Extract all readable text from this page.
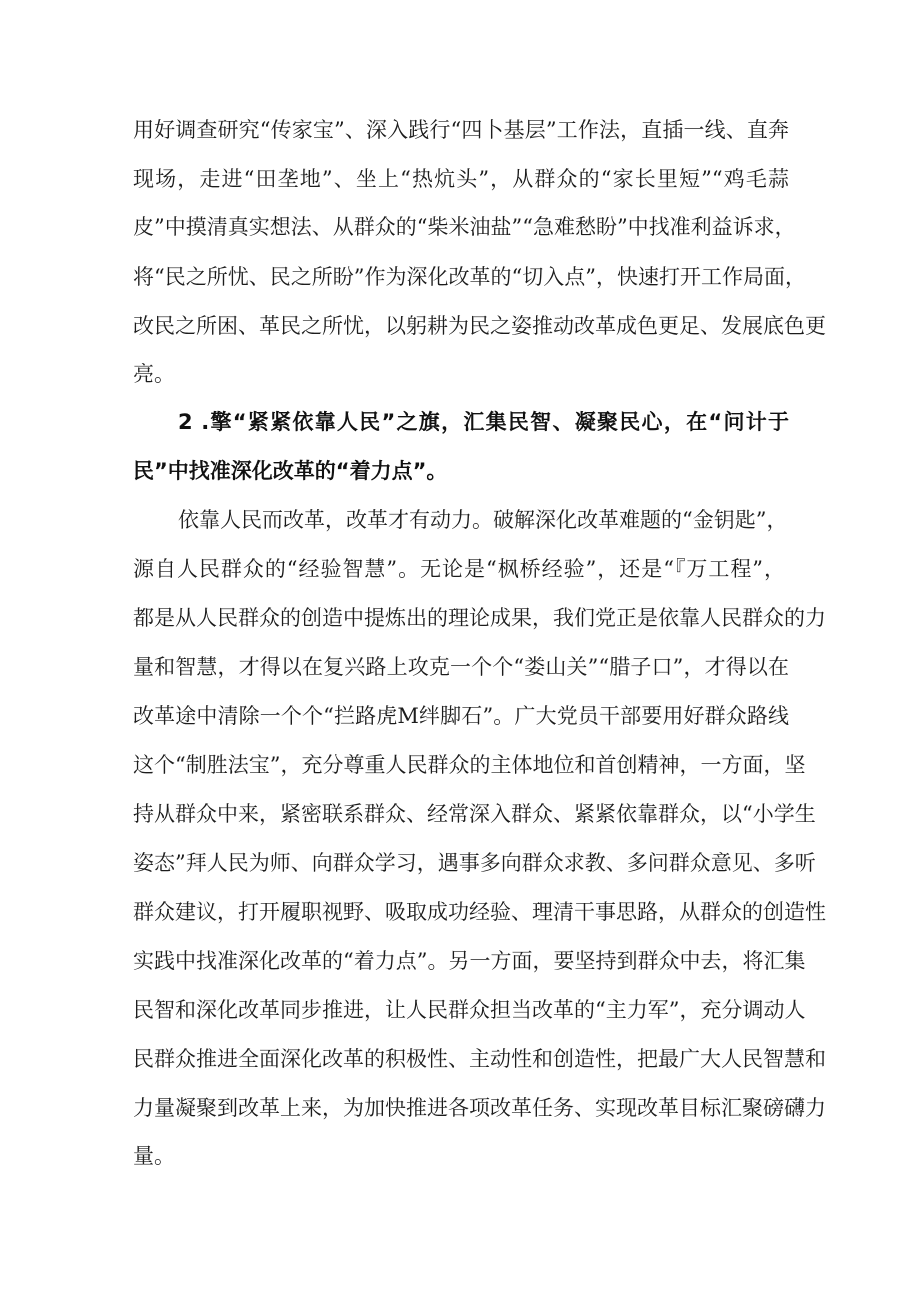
用好调查研究“传家宝”、深入践行“四卜基层”工作法，直插一线、直奔
现场，走进“田垄地”、坐上“热炕头”，从群众的“家长里短”“鸡毛蒜
皮”中摸清真实想法、从群众的“柴米油盐”“急难愁盼”中找准利益诉求，
将“民之所忧、民之所盼”作为深化改革的“切入点”，快速打开工作局面，
改民之所困、革民之所忧，以躬耕为民之姿推动改革成色更足、发展底色更
亮。
2 .擎“紧紧依靠人民”之旗，汇集民智、凝聚民心，在“问计于
民”中找准深化改革的“着力点”。
依靠人民而改革，改革才有动力。破解深化改革难题的“金钥匙”，
源自人民群众的“经验智慧”。无论是“枫桥经验”，还是“『万工程”，
都是从人民群众的创造中提炼出的理论成果，我们党正是依靠人民群众的力
量和智慧，才得以在复兴路上攻克一个个“娄山关”“腊子口”，才得以在
改革途中清除一个个“拦路虎M绊脚石”。广大党员干部要用好群众路线
这个“制胜法宝”，充分尊重人民群众的主体地位和首创精神，一方面，坚
持从群众中来，紧密联系群众、经常深入群众、紧紧依靠群众，以“小学生
姿态”拜人民为师、向群众学习，遇事多向群众求教、多问群众意见、多听
群众建议，打开履职视野、吸取成功经验、理清干事思路，从群众的创造性
实践中找准深化改革的“着力点”。另一方面，要坚持到群众中去，将汇集
民智和深化改革同步推进，让人民群众担当改革的“主力军”，充分调动人
民群众推进全面深化改革的积极性、主动性和创造性，把最广大人民智慧和
力量凝聚到改革上来，为加快推进各项改革任务、实现改革目标汇聚磅礴力
量。
